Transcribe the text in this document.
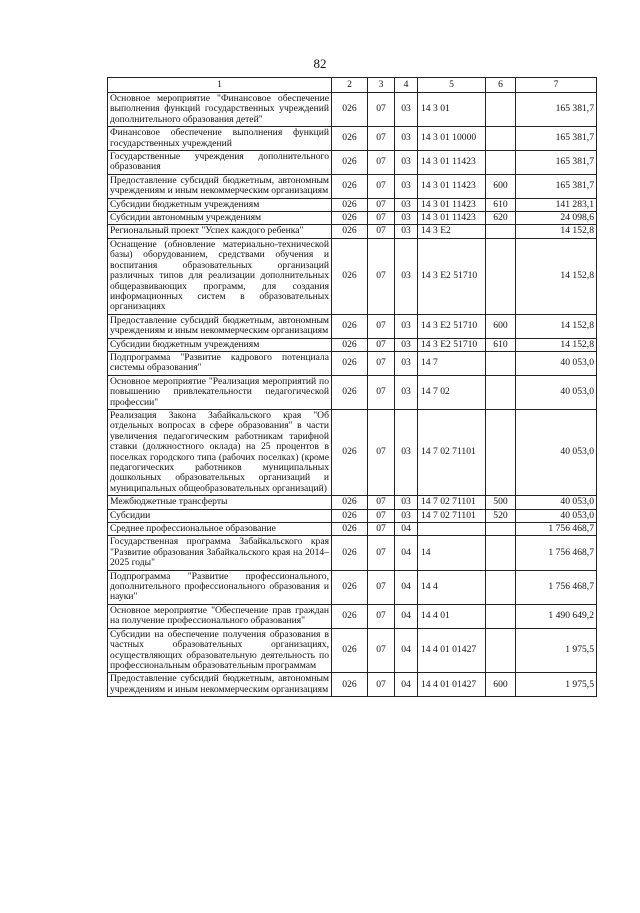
82
1	2	3	4	5	6	7
Основное мероприятие "Финансовое обеспечение выполнения функций государственных учреждений дополнительного образования детей"	026	07	03	14 3 01		165 381,7
Финансовое обеспечение выполнения функций государственных учреждений	026	07	03	14 3 01 10000		165 381,7
Государственные учреждения дополнительного образования	026	07	03	14 3 01 11423		165 381,7
Предоставление субсидий бюджетным, автономным учреждениям и иным некоммерческим организациям	026	07	03	14 3 01 11423	600	165 381,7
Субсидии бюджетным учреждениям	026	07	03	14 3 01 11423	610	141 283,1
Субсидии автономным учреждениям	026	07	03	14 3 01 11423	620	24 098,6
Региональный проект "Успех каждого ребенка"	026	07	03	14 3 E2		14 152,8
Оснащение (обновление материально-технической базы) оборудованием, средствами обучения и воспитания образовательных организаций различных типов для реализации дополнительных общеразвивающих программ, для создания информационных систем в образовательных организациях	026	07	03	14 3 E2 51710		14 152,8
Предоставление субсидий бюджетным, автономным учреждениям и иным некоммерческим организациям	026	07	03	14 3 E2 51710	600	14 152,8
Субсидии бюджетным учреждениям	026	07	03	14 3 E2 51710	610	14 152,8
Подпрограмма "Развитие кадрового потенциала системы образования"	026	07	03	14 7		40 053,0
Основное мероприятие "Реализация мероприятий по повышению привлекательности педагогической профессии"	026	07	03	14 7 02		40 053,0
Реализация Закона Забайкальского края "Об отдельных вопросах в сфере образования" в части увеличения педагогическим работникам тарифной ставки (должностного оклада) на 25 процентов в поселках городского типа (рабочих поселках) (кроме педагогических работников муниципальных дошкольных образовательных организаций и муниципальных общеобразовательных организаций)	026	07	03	14 7 02 71101		40 053,0
Межбюджетные трансферты	026	07	03	14 7 02 71101	500	40 053,0
Субсидии	026	07	03	14 7 02 71101	520	40 053,0
Среднее профессиональное образование	026	07	04			1 756 468,7
Государственная программа Забайкальского края "Развитие образования Забайкальского края на 2014–2025 годы"	026	07	04	14		1 756 468,7
Подпрограмма "Развитие профессионального, дополнительного профессионального образования и науки"	026	07	04	14 4		1 756 468,7
Основное мероприятие "Обеспечение прав граждан на получение профессионального образования"	026	07	04	14 4 01		1 490 649,2
Субсидии на обеспечение получения образования в частных образовательных организациях, осуществляющих образовательную деятельность по профессиональным образовательным программам	026	07	04	14 4 01 01427		1 975,5
Предоставление субсидий бюджетным, автономным учреждениям и иным некоммерческим организациям	026	07	04	14 4 01 01427	600	1 975,5
